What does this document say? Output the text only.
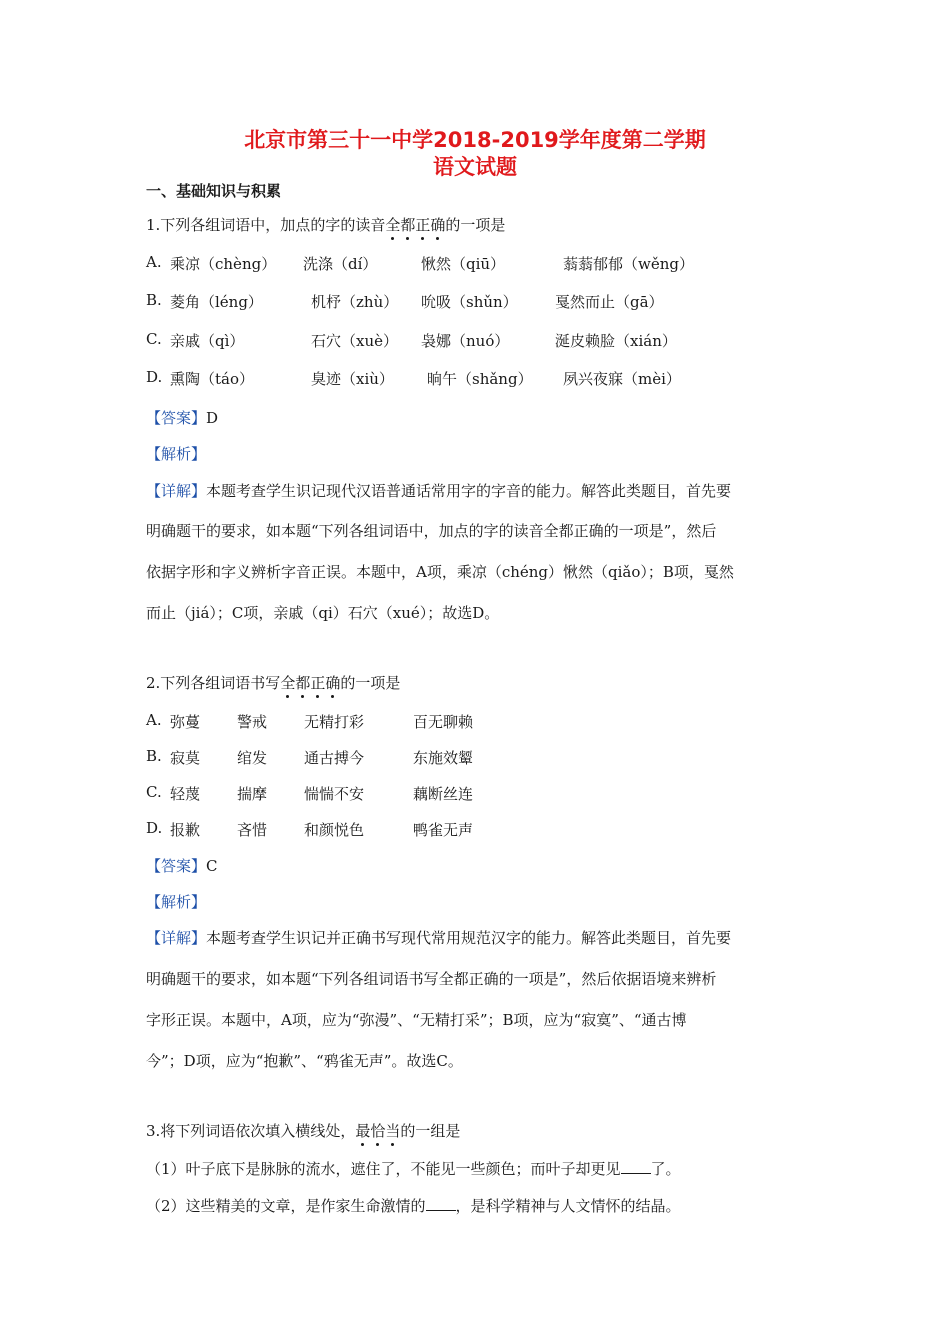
北京市第三十一中学2018-2019学年度第二学期
语文试题
一、基础知识与积累
1.下列各组词语中，加点的字的读音全都正确的一项是
A. 乘凉（chèng） 洗涤（dí）	愀然（qiū）	蓊蓊郁郁（wěng）
B. 菱角（léng）	机杼（zhù） 吮吸（shǔn） 戛然而止（gā）
C. 亲戚（qì）	石穴（xuè） 袅娜（nuó）	涎皮赖脸（xián）
D. 熏陶（táo）	臭迹（xiù） 晌午（shǎng） 夙兴夜寐（mèi）
【答案】D
【解析】
【详解】本题考查学生识记现代汉语普通话常用字的字音的能力。解答此类题目，首先要
明确题干的要求，如本题“下列各组词语中，加点的字的读音全都正确的一项是”，然后
依据字形和字义辨析字音正误。本题中，A项，乘凉（chéng）愀然（qiǎo）；B项，戛然
而止（jiá）；C项，亲戚（qi）石穴（xué）；故选D。
2.下列各组词语书写全都正确的一项是
A. 弥蔓 警戒 无精打彩	百无聊赖
B. 寂莫 绾发 通古搏今	东施效颦
C. 轻蔑 揣摩 惴惴不安	藕断丝连
D. 报歉 吝惜 和颜悦色	鸭雀无声
【答案】C
【解析】
【详解】本题考查学生识记并正确书写现代常用规范汉字的能力。解答此类题目，首先要
明确题干的要求，如本题“下列各组词语书写全都正确的一项是”，然后依据语境来辨析
字形正误。本题中，A项，应为“弥漫”、“无精打采”；B项，应为“寂寞”、“通古博
今”；D项，应为“抱歉”、“鸦雀无声”。故选C。
3.将下列词语依次填入横线处，最恰当的一组是
（1）叶子底下是脉脉的流水，遮住了，不能见一些颜色；而叶子却更见 了。
（2）这些精美的文章，是作家生命激情的 ，是科学精神与人文情怀的结晶。
